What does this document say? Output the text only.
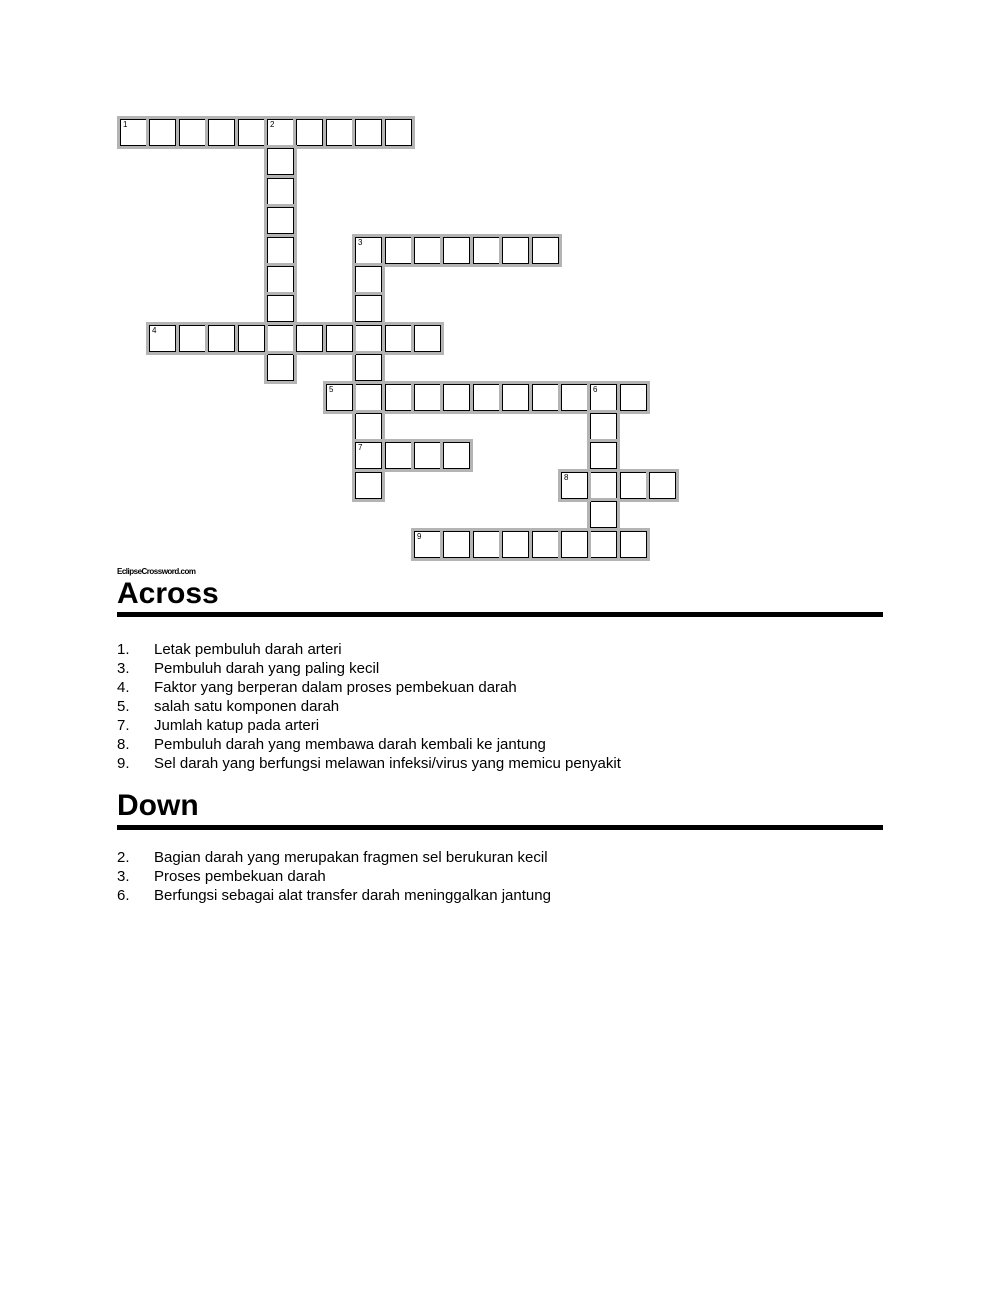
1	2
3
7
4
5	6
8
9
EclipseCrossword.com
Across
1.	Letak pembuluh darah arteri
3.	Pembuluh darah yang paling kecil
4.	Faktor yang berperan dalam proses pembekuan darah
5.	salah satu komponen darah
7.	Jumlah katup pada arteri
8.	Pembuluh darah yang membawa darah kembali ke jantung
9.	Sel darah yang berfungsi melawan infeksi/virus yang memicu penyakit
Down
2.	Bagian darah yang merupakan fragmen sel berukuran kecil
3.	Proses pembekuan darah
6.	Berfungsi sebagai alat transfer darah meninggalkan jantung
